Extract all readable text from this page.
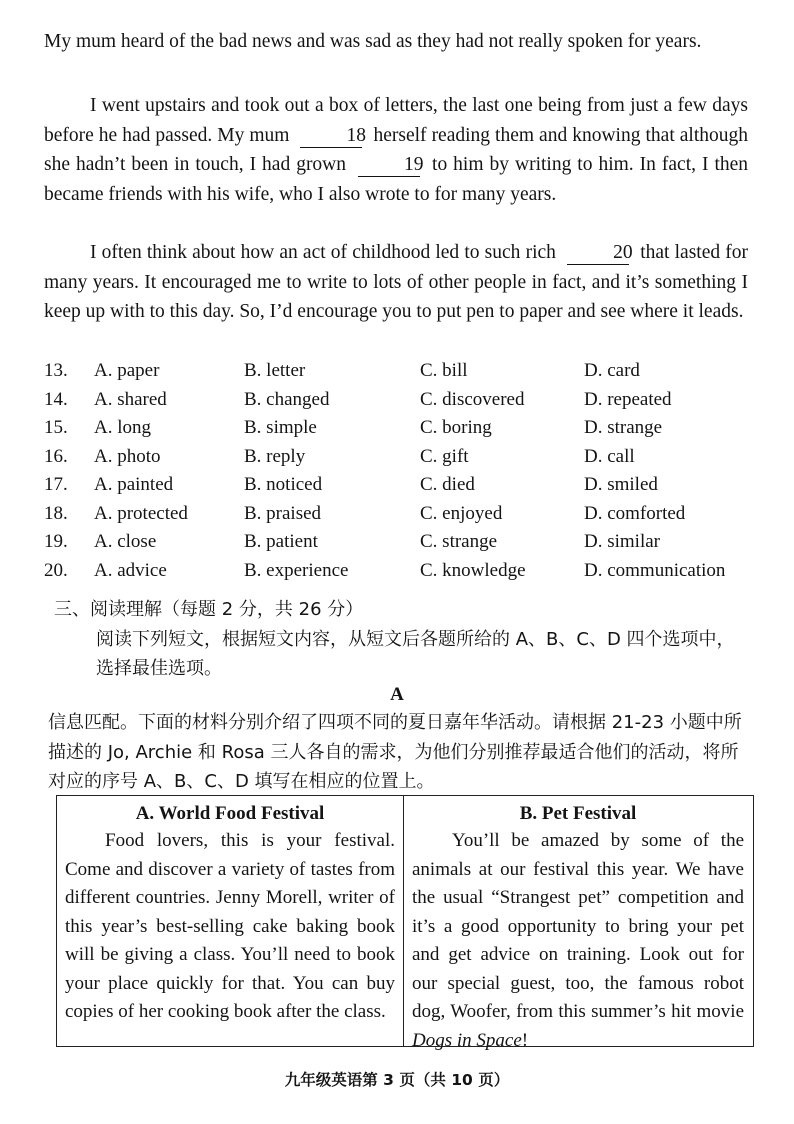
My mum heard of the bad news and was sad as they had not really spoken for years.

I went upstairs and took out a box of letters, the last one being from just a few days before he had passed. My mum	18 herself reading them and knowing that although she hadn’t been in touch, I had grown	19 to him by writing to him. In fact, I then became friends with his wife, who I also wrote to for many years.

I often think about how an act of childhood led to such rich	20 that lasted for many years. It encouraged me to write to lots of other people in fact, and it’s something I keep up with to this day. So, I’d encourage you to put pen to paper and see where it leads.

13. A. paper	B. letter	C. bill	D. card
14. A. shared	B. changed	C. discovered	D. repeated
15. A. long	B. simple	C. boring	D. strange
16. A. photo	B. reply	C. gift	D. call
17. A. painted	B. noticed	C. died	D. smiled
18. A. protected	B. praised	C. enjoyed	D. comforted
19. A. close	B. patient	C. strange	D. similar
20. A. advice	B. experience	C. knowledge	D. communication
三、阅读理解（每题 2 分，共 26 分）
阅读下列短文，根据短文内容，从短文后各题所给的 A、B、C、D 四个选项中，选择最佳选项。
A
信息匹配。下面的材料分别介绍了四项不同的夏日嘉年华活动。请根据 21-23 小题中所描述的 Jo, Archie 和 Rosa 三人各自的需求，为他们分别推荐最适合他们的活动，将所对应的序号 A、B、C、D 填写在相应的位置上。
A. World Food Festival

Food lovers, this is your festival. Come and discover a variety of tastes from different countries. Jenny Morell, writer of this year’s best-selling cake baking book will be giving a class. You’ll need to book your place quickly for that. You can buy copies of her cooking book after the class.

B. Pet Festival

You’ll be amazed by some of the animals at our festival this year. We have the usual “Strangest pet” competition and it’s a good opportunity to bring your pet and get advice on training. Look out for our special guest, too, the famous robot dog, Woofer, from this summer’s hit movie Dogs in Space!

九年级英语第 3 页（共 10 页）
